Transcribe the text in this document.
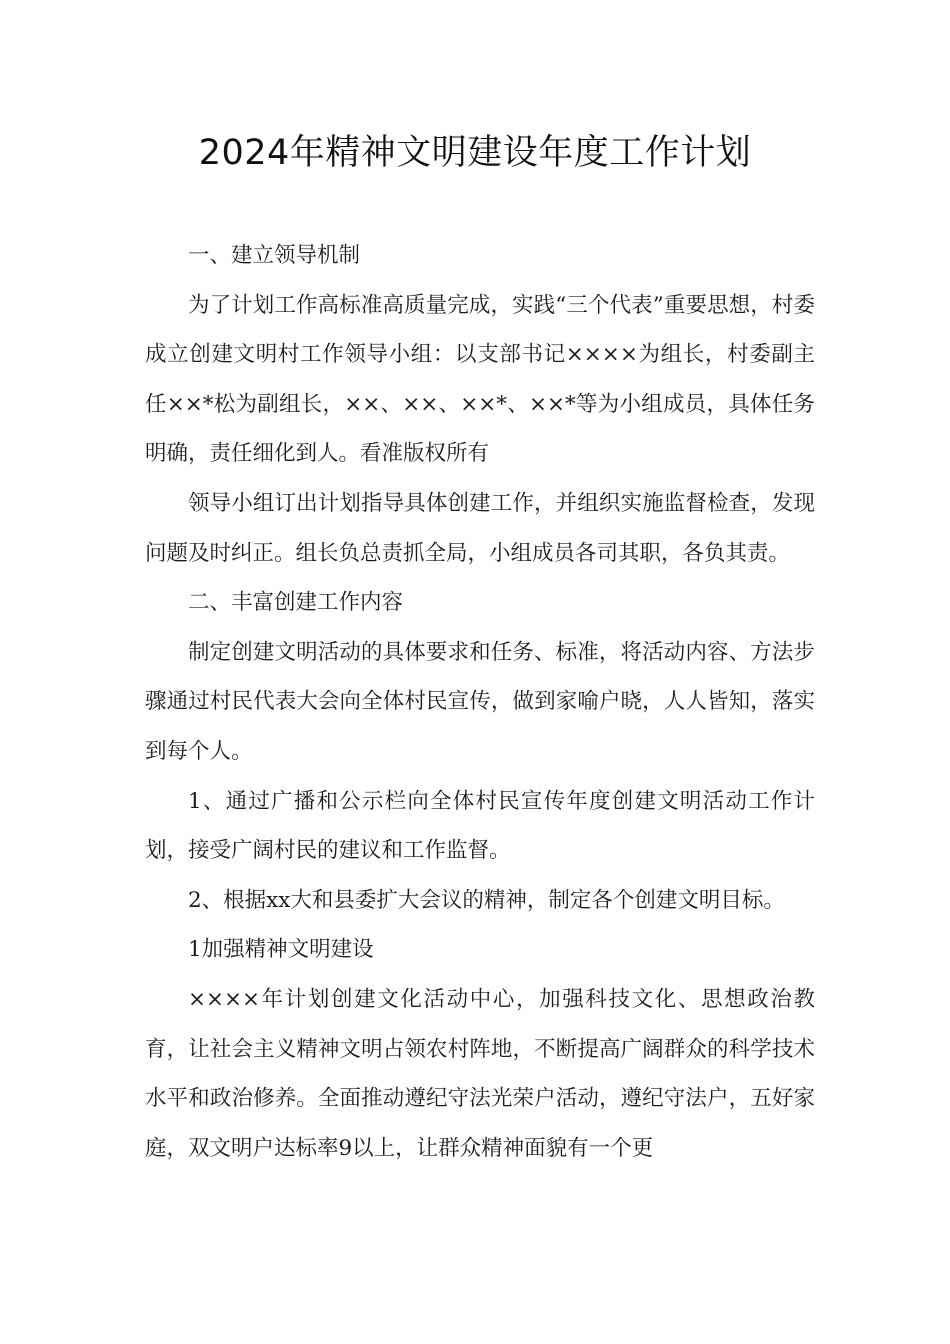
2024年精神文明建设年度工作计划

一、建立领导机制

为了计划工作高标准高质量完成，实践“三个代表”重要思想，村委成立创建文明村工作领导小组：以支部书记××××为组长，村委副主任××*松为副组长，××、××、××*、××*等为小组成员，具体任务明确，责任细化到人。看准版权所有

领导小组订出计划指导具体创建工作，并组织实施监督检查，发现问题及时纠正。组长负总责抓全局，小组成员各司其职，各负其责。

二、丰富创建工作内容

制定创建文明活动的具体要求和任务、标准，将活动内容、方法步骤通过村民代表大会向全体村民宣传，做到家喻户晓，人人皆知，落实到每个人。

1、通过广播和公示栏向全体村民宣传年度创建文明活动工作计划，接受广阔村民的建议和工作监督。

2、根据xx大和县委扩大会议的精神，制定各个创建文明目标。

1加强精神文明建设

××××年计划创建文化活动中心，加强科技文化、思想政治教育，让社会主义精神文明占领农村阵地，不断提高广阔群众的科学技术水平和政治修养。全面推动遵纪守法光荣户活动，遵纪守法户，五好家庭，双文明户达标率9以上，让群众精神面貌有一个更
